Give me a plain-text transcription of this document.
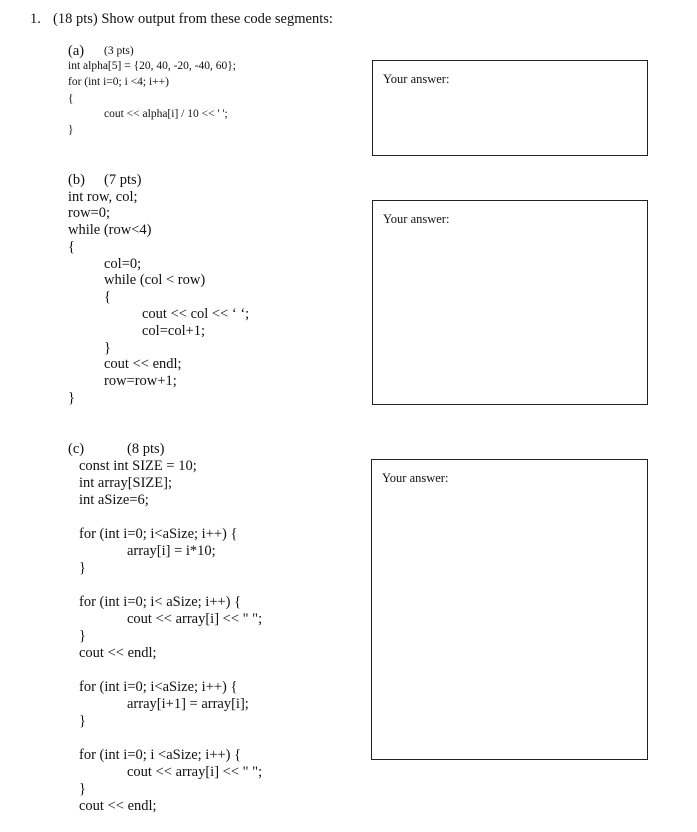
1. (18 pts) Show output from these code segments:
(a) (3 pts)
int alpha[5] = {20, 40, -20, -40, 60};
for (int i=0; i <4; i++)
{
cout << alpha[i] / 10 << ' ';
}
Your answer:
(b) (7 pts)
int row, col;
row=0;
while (row<4)
{
col=0;
while (col < row)
{
cout << col << ‘ ‘;
col=col+1;
}
cout << endl;
row=row+1;
}
Your answer:
(c)	(8 pts)
const int SIZE = 10;
int array[SIZE];
int aSize=6;
for (int i=0; i<aSize; i++) {
array[i] = i*10;
}
for (int i=0; i< aSize; i++) {
cout << array[i] << " ";
}
cout << endl;
for (int i=0; i<aSize; i++) {
array[i+1] = array[i];
}
for (int i=0; i <aSize; i++) {
cout << array[i] << " ";
}
cout << endl;
Your answer:
